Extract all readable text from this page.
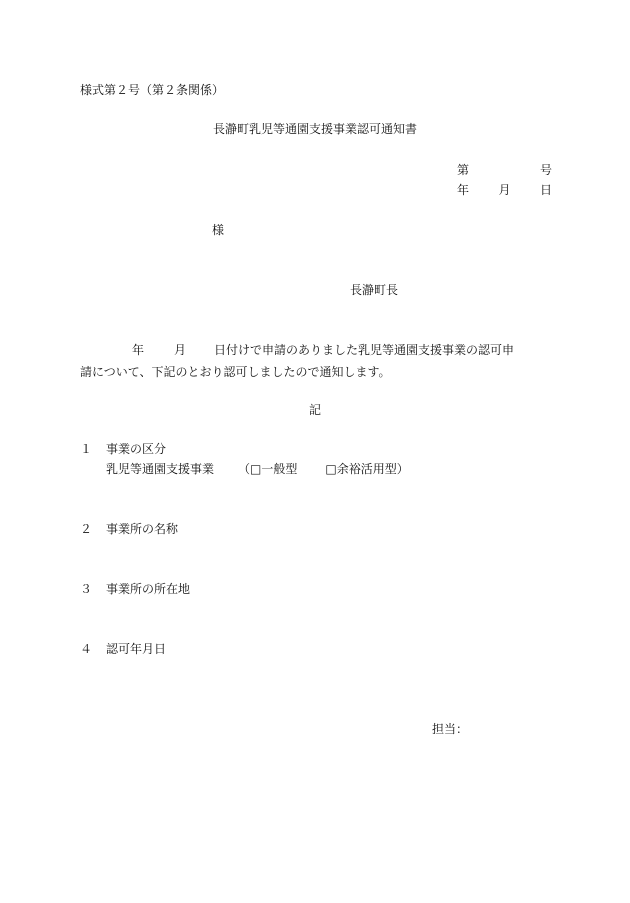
様式第２号（第２条関係）
長瀞町乳児等通園支援事業認可通知書
第	号
年 月 日
様
長瀞町長
年	月 日付けで申請のありました乳児等通園支援事業の認可申
請について、下記のとおり認可しましたので通知します。
記
１ 事業の区分
乳児等通園支援事業 （□一般型 □余裕活用型）
２ 事業所の名称
３ 事業所の所在地
４ 認可年月日
担当：
